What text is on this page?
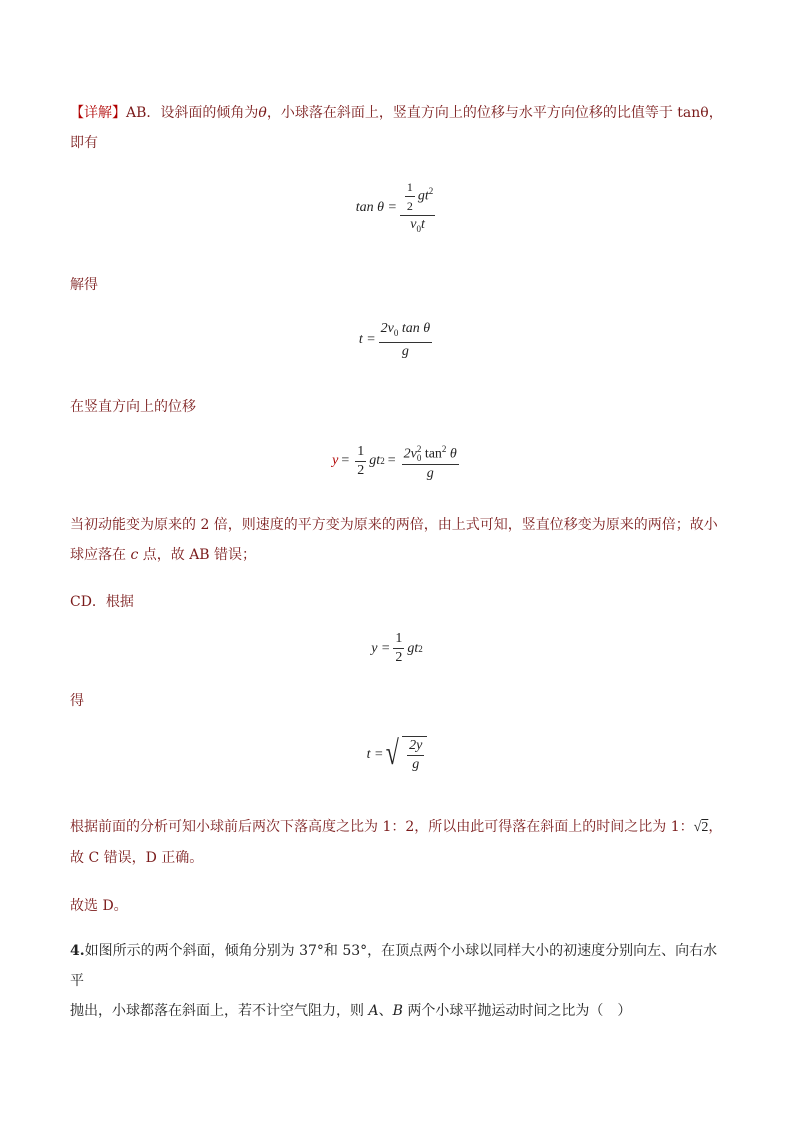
【详解】AB．设斜面的倾角为θ，小球落在斜面上，竖直方向上的位移与水平方向位移的比值等于 tanθ，
即有

$\tan \theta = \frac{\frac{1}{2} gt^2}{v_0t}$

解得

$t = \frac{2v_0 \tan \theta}{g}$

在竖直方向上的位移

$y = \frac{1}{2}$ gt 2 = 2v 2
0 $\tan^2 \theta$
g

当初动能变为原来的 2 倍，则速度的平方变为原来的两倍，由上式可知，竖直位移变为原来的两倍；故小
球应落在 c 点，故 AB 错误；

CD．根据

$y = \frac{1}{2}$ gt 2

得

t = √ $\frac{2y}{g}$

根据前面的分析可知小球前后两次下落高度之比为 1：2，所以由此可得落在斜面上的时间之比为 1：√2，
故 C 错误，D 正确。

故选 D。

4.如图所示的两个斜面，倾角分别为 37°和 53°，在顶点两个小球以同样大小的初速度分别向左、向右水平
抛出，小球都落在斜面上，若不计空气阻力，则 A、B 两个小球平抛运动时间之比为（　）
